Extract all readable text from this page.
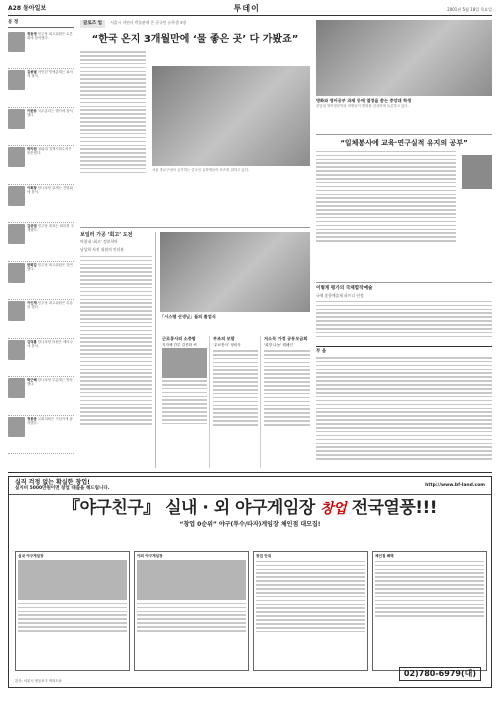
A28 동아일보	투데이	2001년 5월 18일 목요일
동 정
정동영 민주당 최고위원은 토론회에 참석했다.
김종필 자민련 명예총재는 회의에 참석.
이한동 국무총리는 행사에 참석했다.
박지원 청와대 정책기획수석은 방문했다.
이회창 한나라당 총재는 간담회에 참석.
김중권 민주당 대표는 회의를 주재했다.
한화갑 민주당 최고위원은 강연했다.
이인제 민주당 최고위원은 특강을 했다.
김덕룡 한나라당 의원은 세미나에 참석.
박근혜 한나라당 부총재는 방문했다.
정몽준 국회의원은 기념식에 참석했다.
글로즈 업 서울시 자연사 박물관에 온 중국인 유학생 3명
“한국 온지 3개월만에 ‘물 좋은 곳’ 다 가봤죠”
서울 종로구에서 공부하는 중국인 유학생들이 포즈를 취하고 있다.
명화와 영어공부 과제 등에 열정을 쏟는 중앙대 학생
중앙대 영어영문학과 학생들이 명화를 감상하며 토론하고 있다.
“일체봉사에 교육·연구실적 유지의 공부”
보일러 가공 ‘회고’ 도전
마침내 ‘최고’ 정보학아
남상희 사진 위원의 인터뷰
「시스템 선생님」들의 졸업식
근로봉사의 소중함
지자체 간부 김종화 씨
부조의 보람
‘무료봉사’ 정비사
저소득 가정 공동모금회
‘희망 나눔’ 캠페인
이렇게 평가의 국제합작예술
국제 종합예술제 파트너 선정
부 음
실직 걱정 없는 확실한 창업!
실지비 5000만원이면 창업 대출을 해드립니다.
http://www.bf-land.com
『야구친구』 실내 · 외 야구게임장 창업 전국열풍!!!
“창업 0순위” 야구(투수/타자)게임장 체인점 대모집!
실내 야구게임장	야외 야구게임장	창업 안내	체인점 혜택
본사: 서울시 영등포구 여의도동
02)780-6979(대)
